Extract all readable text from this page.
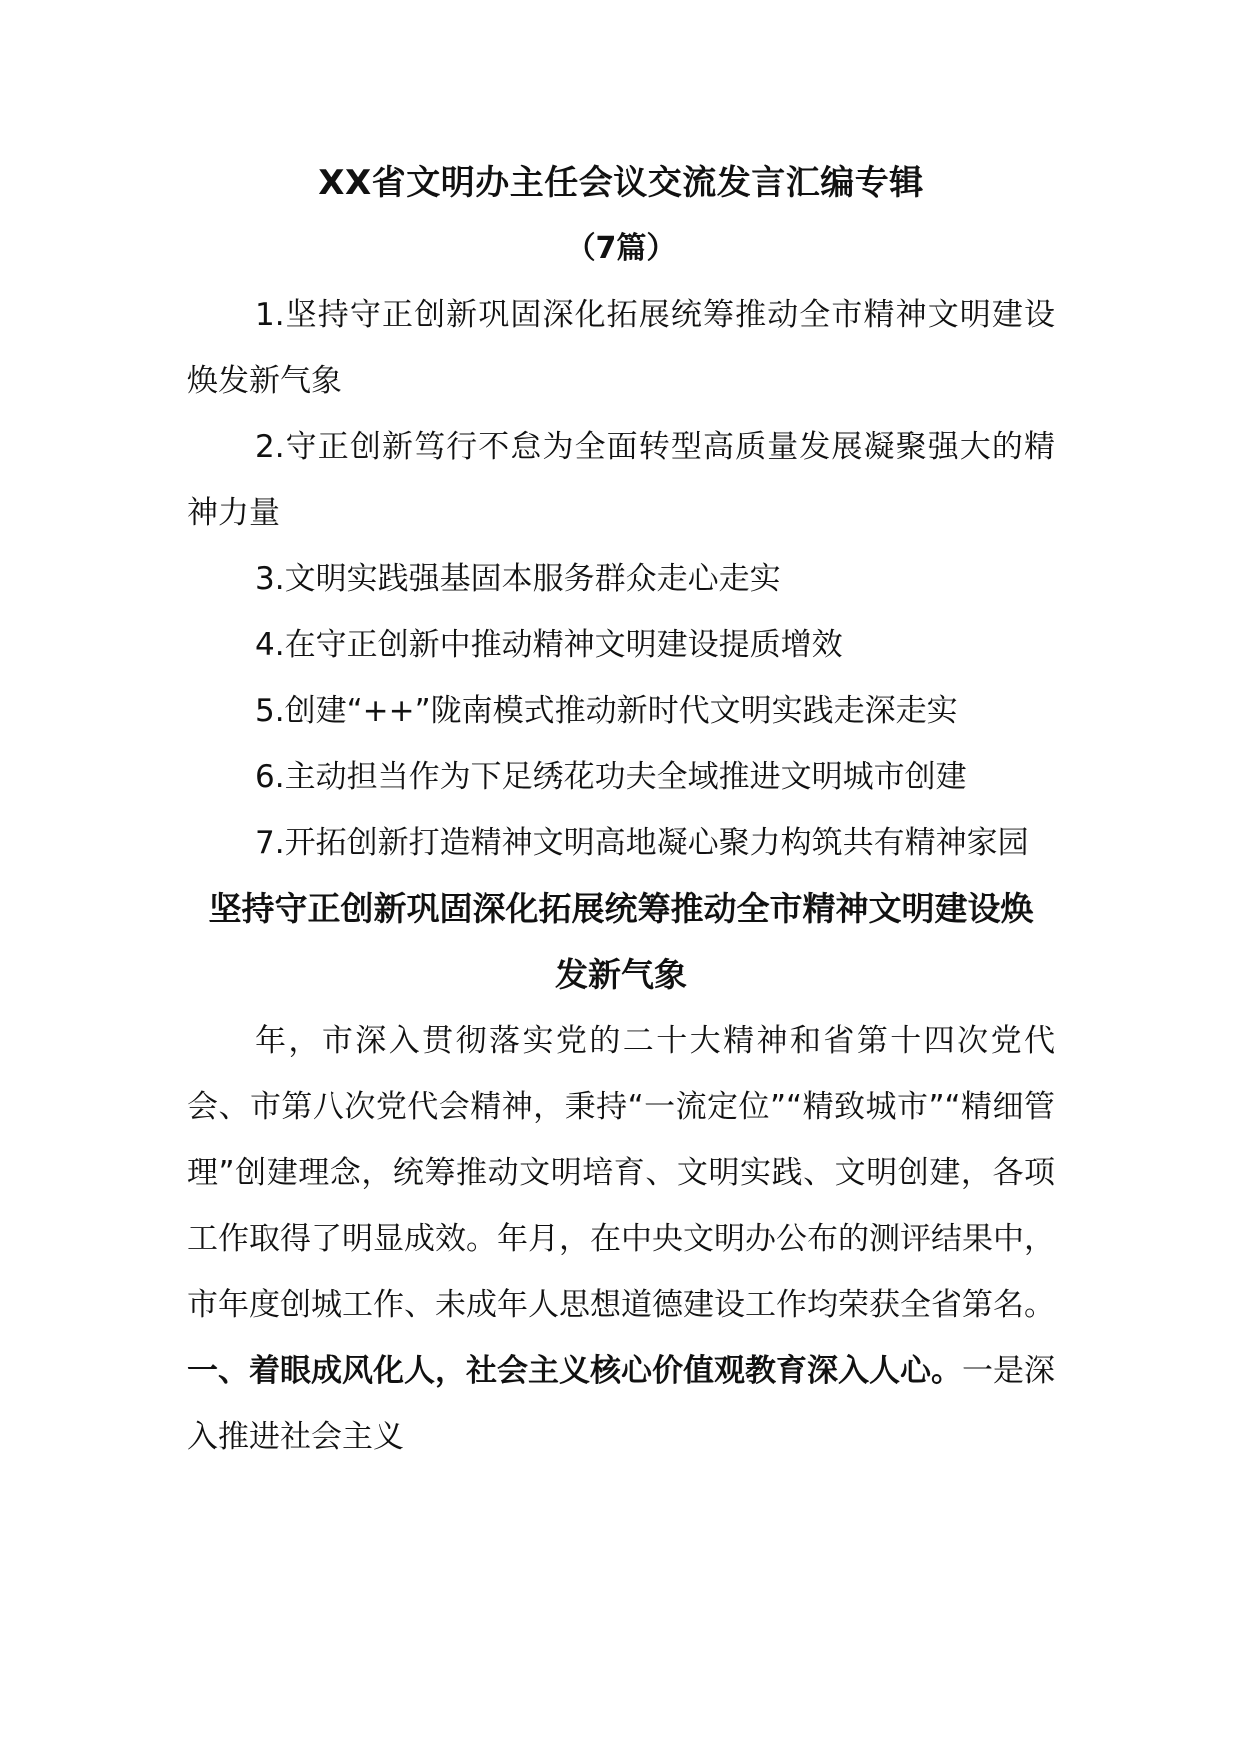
XX省文明办主任会议交流发言汇编专辑

（7篇）

1.坚持守正创新巩固深化拓展统筹推动全市精神文明建设焕发新气象
2.守正创新笃行不怠为全面转型高质量发展凝聚强大的精神力量
3.文明实践强基固本服务群众走心走实
4.在守正创新中推动精神文明建设提质增效
5.创建“++”陇南模式推动新时代文明实践走深走实
6.主动担当作为下足绣花功夫全域推进文明城市创建
7.开拓创新打造精神文明高地凝心聚力构筑共有精神家园
坚持守正创新巩固深化拓展统筹推动全市精神文明建设焕发新气象

年，市深入贯彻落实党的二十大精神和省第十四次党代会、市第八次党代会精神，秉持“一流定位”“精致城市”“精细管理”创建理念，统筹推动文明培育、文明实践、文明创建，各项工作取得了明显成效。年月，在中央文明办公布的测评结果中，市年度创城工作、未成年人思想道德建设工作均荣获全省第名。一、着眼成风化人，社会主义核心价值观教育深入人心。一是深入推进社会主义
